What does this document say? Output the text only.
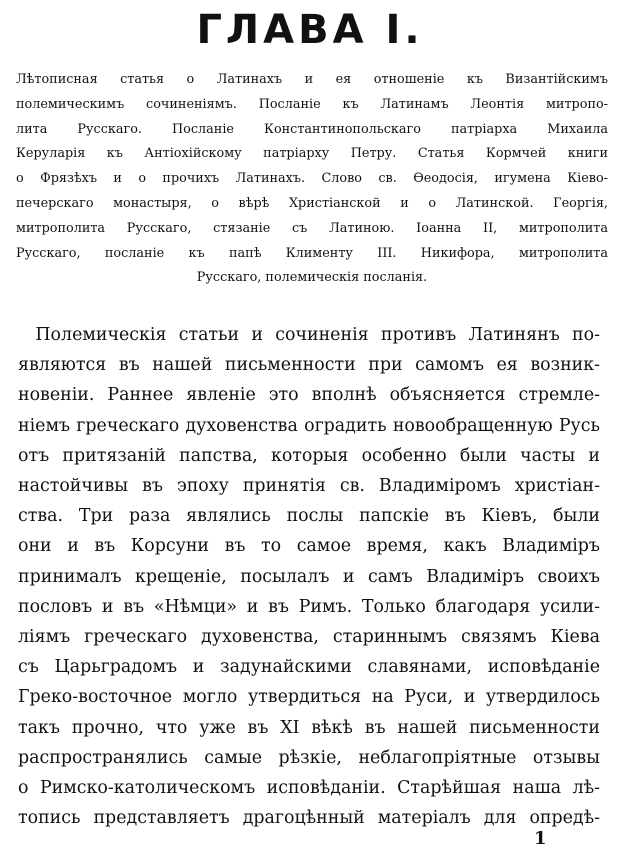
ГЛАВА I.
Лѣтописная статья о Латинахъ и ея отношеніе къ Византійскимъ
полемическимъ сочиненіямъ. Посланіе къ Латинамъ Леонтія митропо-
лита Русскаго. Посланіе Константинопольскаго патріарха Михаила
Керуларія къ Антіохійскому патріарху Петру. Статья Кормчей книги
о Фрязѣхъ и о прочихъ Латинахъ. Слово св. Ѳеодосія, игумена Кіево-
печерскаго монастыря, о вѣрѣ Христіанской и о Латинской. Георгія,
митрополита Русскаго, стязаніе съ Латиною. Іоанна II, митрополита
Русскаго, посланіе къ папѣ Клименту III. Никифора, митрополита
Русскаго, полемическія посланія.
 Полемическія статьи и сочиненія противъ Латинянъ по-
являются въ нашей письменности при самомъ ея возник-
новеніи. Раннее явленіе это вполнѣ объясняется стремле-
ніемъ греческаго духовенства оградить новообращенную Русь
отъ притязаній папства, которыя особенно были часты и
настойчивы въ эпоху принятія св. Владиміромъ христіан-
ства. Три раза являлись послы папскіе въ Кіевъ, были
они и въ Корсуни въ то самое время, какъ Владиміръ
принималъ крещеніе, посылалъ и самъ Владиміръ своихъ
пословъ и въ «Нѣмци» и въ Римъ. Только благодаря усили-
ліямъ греческаго духовенства, стариннымъ связямъ Кіева
съ Царьградомъ и задунайскими славянами, исповѣданіе
Греко-восточное могло утвердиться на Руси, и утвердилось
такъ прочно, что уже въ XI вѣкѣ въ нашей письменности
распространялись самые рѣзкіе, неблагопріятные отзывы
о Римско-католическомъ исповѣданіи. Старѣйшая наша лѣ-
топись представляетъ драгоцѣнный матеріалъ для опредѣ-
1
